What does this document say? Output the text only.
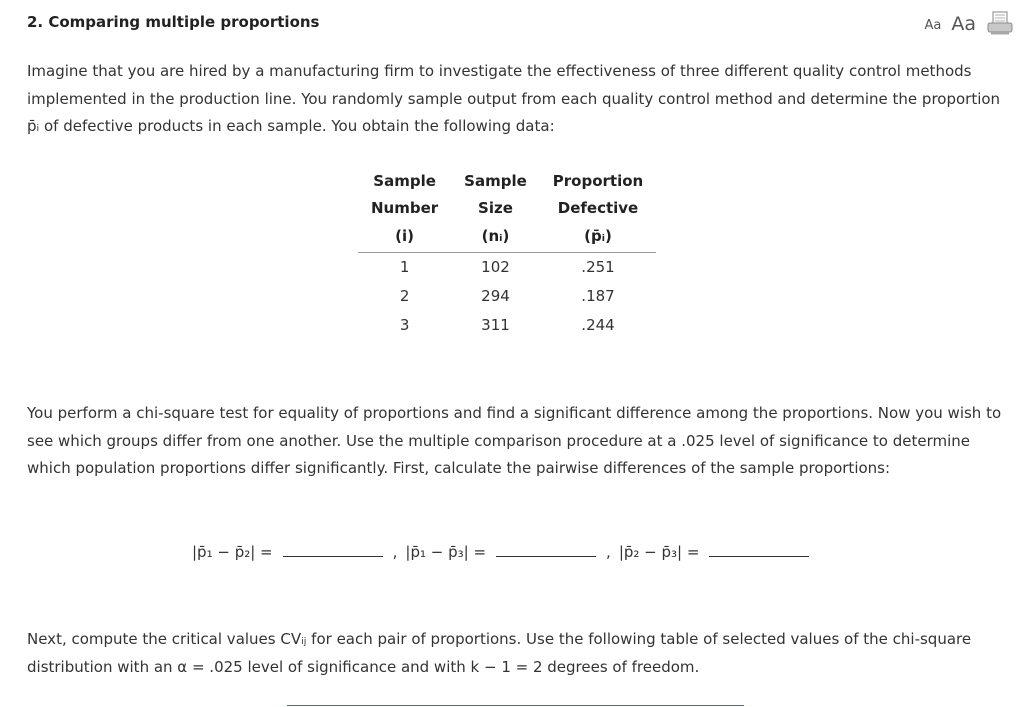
2. Comparing multiple proportions	Aa Aa

Imagine that you are hired by a manufacturing firm to investigate the effectiveness of three different quality control methods implemented in the production line. You randomly sample output from each quality control method and determine the proportion p̄ᵢ of defective products in each sample. You obtain the following data:

Sample	Sample	Proportion
Number	Size	Defective
(i)	(nᵢ)	(p̄ᵢ)
1	102	.251
2	294	.187
3	311	.244

You perform a chi-square test for equality of proportions and find a significant difference among the proportions. Now you wish to see which groups differ from one another. Use the multiple comparison procedure at a .025 level of significance to determine which population proportions differ significantly. First, calculate the pairwise differences of the sample proportions:

|p̄₁ − p̄₂| =	, |p̄₁ − p̄₃| =	, |p̄₂ − p̄₃| =

Next, compute the critical values CVᵢⱼ for each pair of proportions. Use the following table of selected values of the chi-square distribution with an α = .025 level of significance and with k − 1 = 2 degrees of freedom.
